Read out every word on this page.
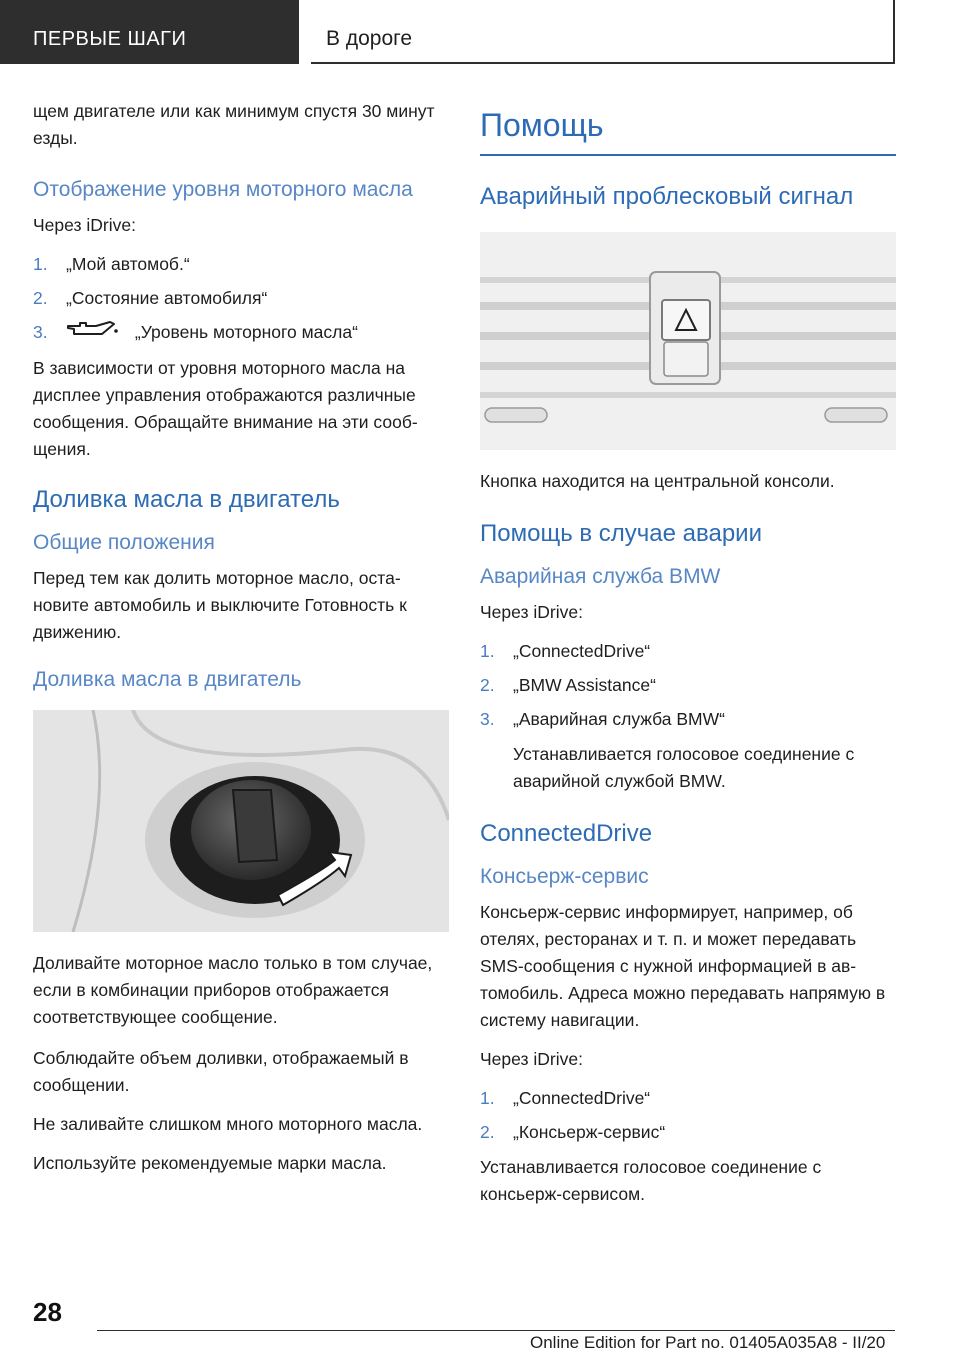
ПЕРВЫЕ ШАГИ	В дороге

щем двигателе или как минимум спустя 30 минут езды.

Отображение уровня моторного масла

Через iDrive:

1. „Мой автомоб.“
2. „Состояние автомобиля“
3.	„Уровень моторного масла“

В зависимости от уровня моторного масла на дисплее управления отображаются различные сообщения. Обращайте внимание на эти сообщения.

Доливка масла в двигатель
Общие положения

Перед тем как долить моторное масло, остановите автомобиль и выключите Готовность к движению.

Доливка масла в двигатель

Доливайте моторное масло только в том случае, если в комбинации приборов отображается соответствующее сообщение.

Соблюдайте объем доливки, отображаемый в сообщении.

Не заливайте слишком много моторного масла.

Используйте рекомендуемые марки масла.

Помощь
Аварийный проблесковый сигнал

Кнопка находится на центральной консоли.

Помощь в случае аварии
Аварийная служба BMW

Через iDrive:

1. „ConnectedDrive“
2. „BMW Assistance“
3. „Аварийная служба BMW“

Устанавливается голосовое соединение с аварийной службой BMW.

ConnectedDrive
Консьерж-сервис

Консьерж-сервис информирует, например, об отелях, ресторанах и т. п. и может передавать SMS-сообщения с нужной информацией в автомобиль. Адреса можно передавать напрямую в систему навигации.

Через iDrive:

1. „ConnectedDrive“
2. „Консьерж-сервис“

Устанавливается голосовое соединение с консьерж-сервисом.

28
Online Edition for Part no. 01405A035A8 - II/20
